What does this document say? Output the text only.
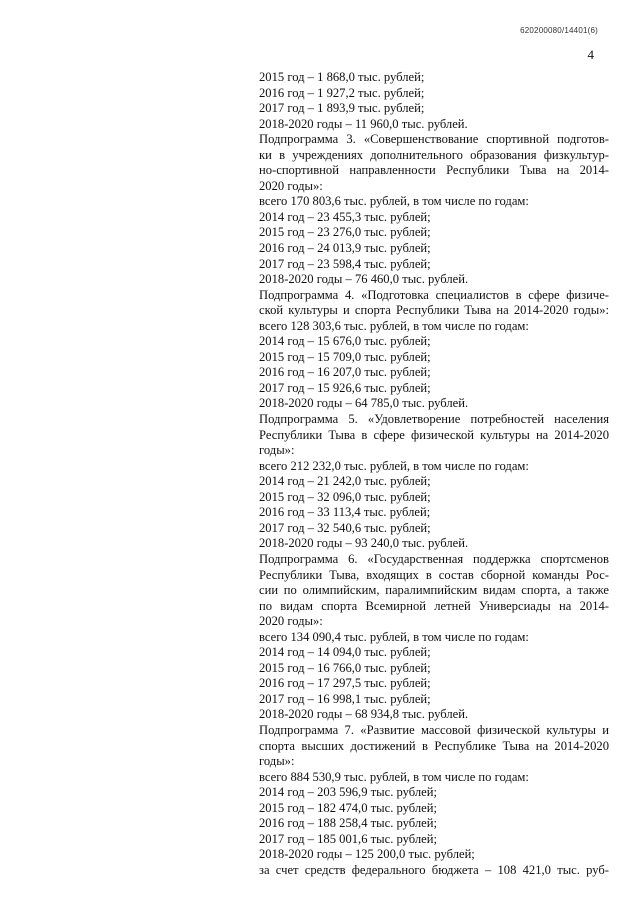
620200080/14401(6)
4
2015 год – 1 868,0 тыс. рублей;
2016 год – 1 927,2 тыс. рублей;
2017 год – 1 893,9 тыс. рублей;
2018-2020 годы – 11 960,0 тыс. рублей.
Подпрограмма 3. «Совершенствование спортивной подготов-
ки в учреждениях дополнительного образования физкультур-
но-спортивной направленности Республики Тыва на 2014-
2020 годы»:
всего 170 803,6 тыс. рублей, в том числе по годам:
2014 год – 23 455,3 тыс. рублей;
2015 год – 23 276,0 тыс. рублей;
2016 год – 24 013,9 тыс. рублей;
2017 год – 23 598,4 тыс. рублей;
2018-2020 годы – 76 460,0 тыс. рублей.
Подпрограмма 4. «Подготовка специалистов в сфере физиче-
ской культуры и спорта Республики Тыва на 2014-2020 годы»:
всего 128 303,6 тыс. рублей, в том числе по годам:
2014 год – 15 676,0 тыс. рублей;
2015 год – 15 709,0 тыс. рублей;
2016 год – 16 207,0 тыс. рублей;
2017 год – 15 926,6 тыс. рублей;
2018-2020 годы – 64 785,0 тыс. рублей.
Подпрограмма 5. «Удовлетворение потребностей населения
Республики Тыва в сфере физической культуры на 2014-2020
годы»:
всего 212 232,0 тыс. рублей, в том числе по годам:
2014 год – 21 242,0 тыс. рублей;
2015 год – 32 096,0 тыс. рублей;
2016 год – 33 113,4 тыс. рублей;
2017 год – 32 540,6 тыс. рублей;
2018-2020 годы – 93 240,0 тыс. рублей.
Подпрограмма 6. «Государственная поддержка спортсменов
Республики Тыва, входящих в состав сборной команды Рос-
сии по олимпийским, паралимпийским видам спорта, а также
по видам спорта Всемирной летней Универсиады на 2014-
2020 годы»:
всего 134 090,4 тыс. рублей, в том числе по годам:
2014 год – 14 094,0 тыс. рублей;
2015 год – 16 766,0 тыс. рублей;
2016 год – 17 297,5 тыс. рублей;
2017 год – 16 998,1 тыс. рублей;
2018-2020 годы – 68 934,8 тыс. рублей.
Подпрограмма 7. «Развитие массовой физической культуры и
спорта высших достижений в Республике Тыва на 2014-2020
годы»:
всего 884 530,9 тыс. рублей, в том числе по годам:
2014 год – 203 596,9 тыс. рублей;
2015 год – 182 474,0 тыс. рублей;
2016 год – 188 258,4 тыс. рублей;
2017 год – 185 001,6 тыс. рублей;
2018-2020 годы – 125 200,0 тыс. рублей;
за счет средств федерального бюджета – 108 421,0 тыс. руб-
